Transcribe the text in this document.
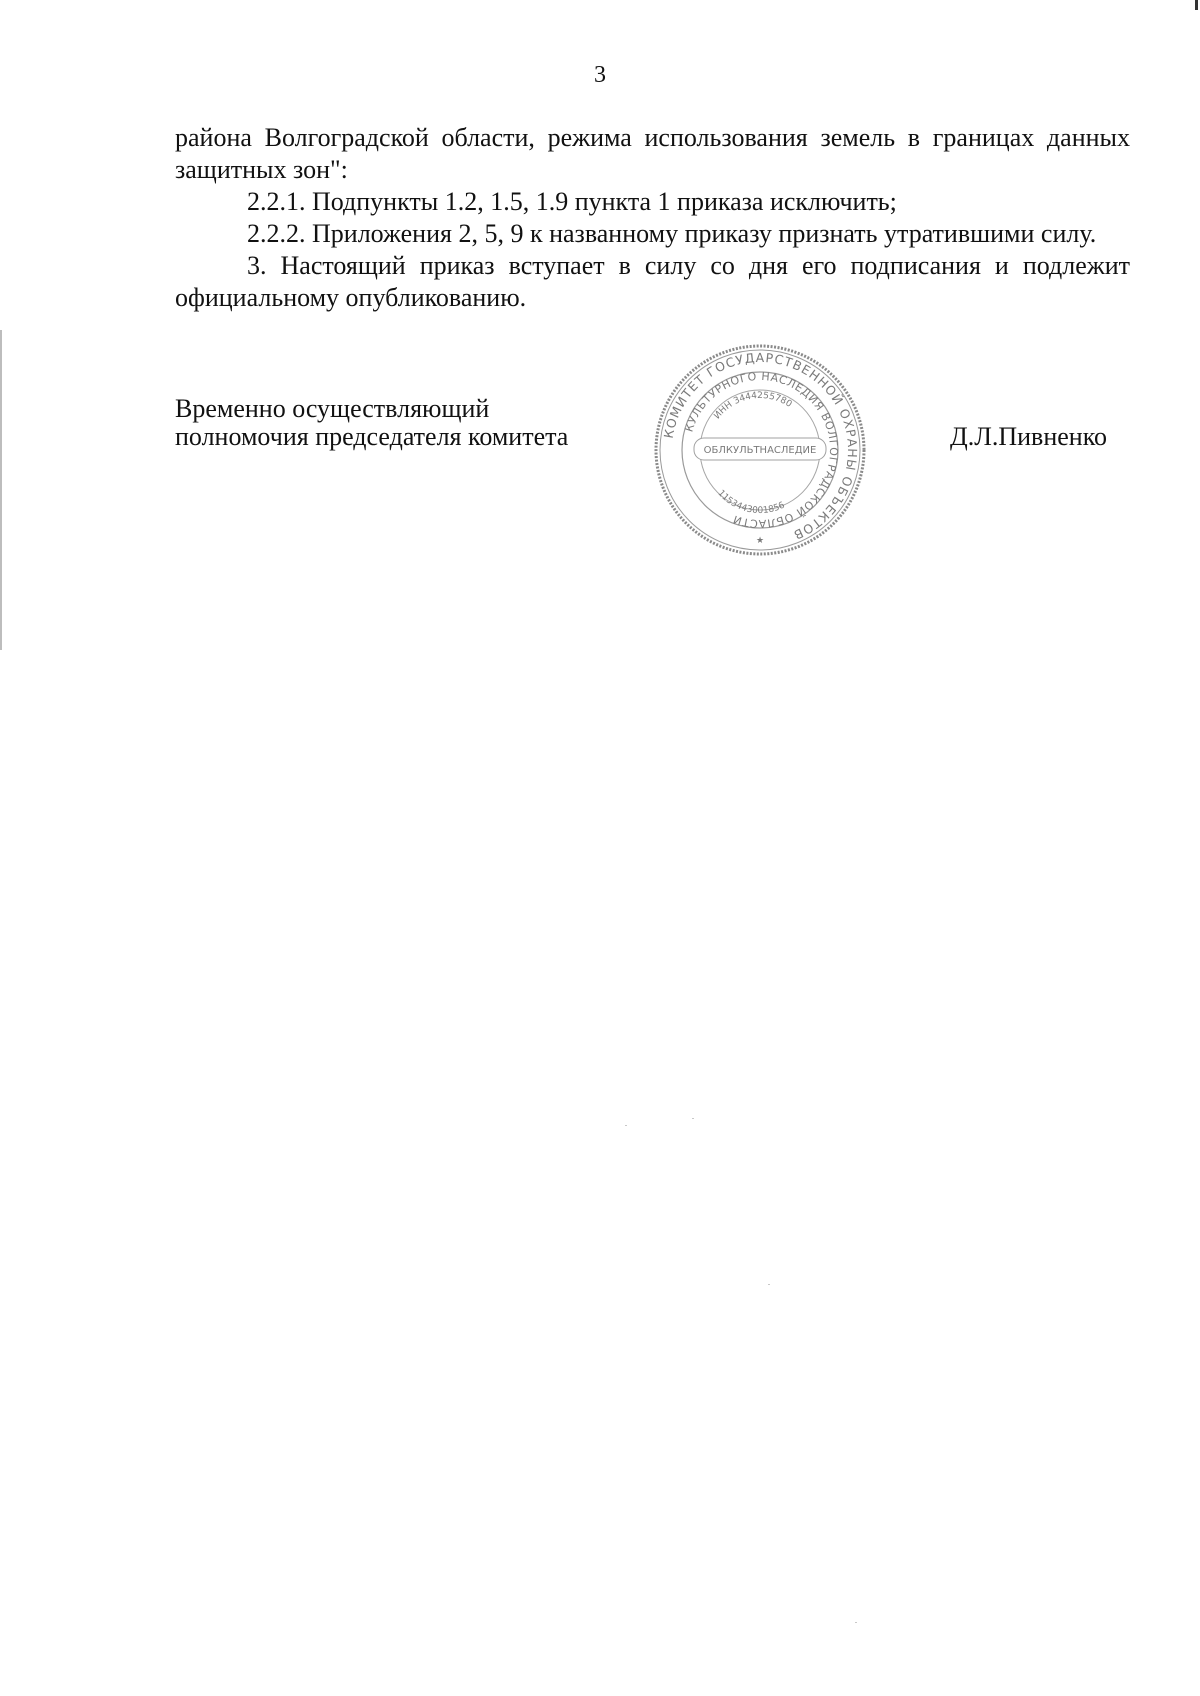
3

района Волгоградской области, режима использования земель в границах данных защитных зон":

2.2.1. Подпункты 1.2, 1.5, 1.9 пункта 1 приказа исключить;

2.2.2. Приложения 2, 5, 9 к названному приказу признать утратившими силу.

3. Настоящий приказ вступает в силу со дня его подписания и подлежит официальному опубликованию.

Временно осуществляющий
полномочия председателя комитета	КОМИТЕТ ГОСУДАРСТВЕННОЙ ОХРАНЫ ОБЪЕКТОВ
КУЛЬТУРНОГО НАСЛЕДИЯ ВОЛГОГРАДСКОЙ ОБЛАСТИ
ИНН 3444255780
1153443001856
ОБЛКУЛЬТНАСЛЕДИЕ
★
Д.Л.Пивненко
